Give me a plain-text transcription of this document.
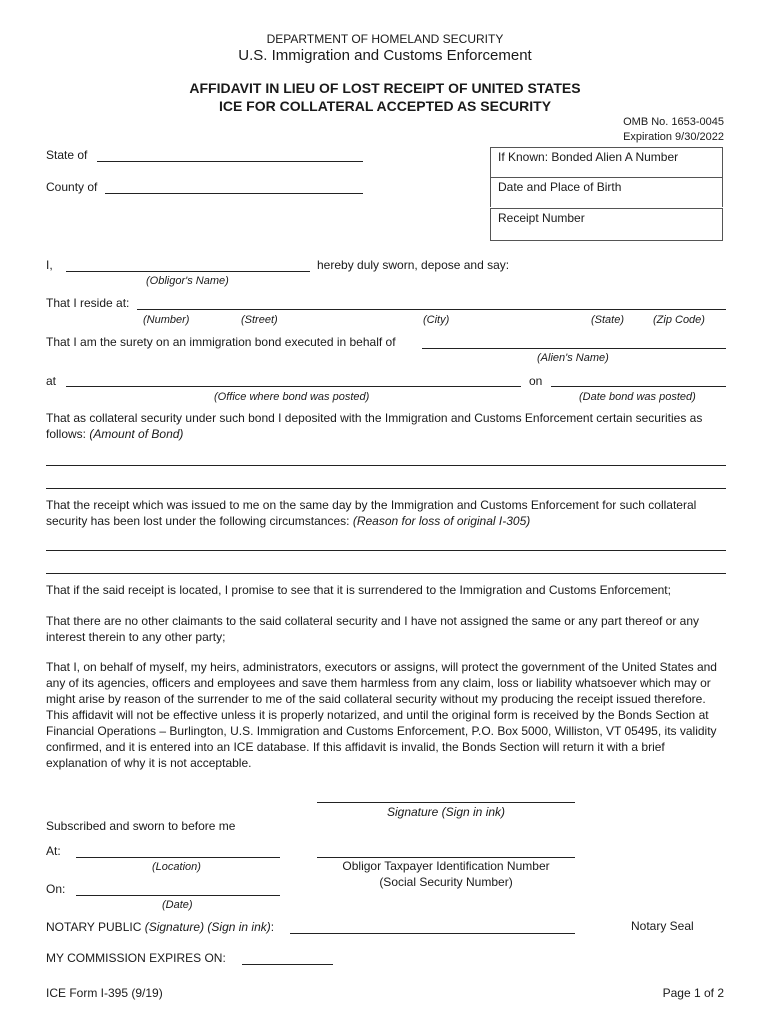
DEPARTMENT OF HOMELAND SECURITY
U.S. Immigration and Customs Enforcement
AFFIDAVIT IN LIEU OF LOST RECEIPT OF UNITED STATES
ICE FOR COLLATERAL ACCEPTED AS SECURITY
OMB No. 1653-0045
Expiration 9/30/2022
State of
County of
If Known: Bonded Alien A Number
Date and Place of Birth
Receipt Number
I,	hereby duly sworn, depose and say:
(Obligor's Name)
That I reside at:
(Number)	(Street)	(City)	(State)	(Zip Code)
That I am the surety on an immigration bond executed in behalf of
(Alien's Name)
at	on
(Office where bond was posted)	(Date bond was posted)
That as collateral security under such bond I deposited with the Immigration and Customs Enforcement certain securities as follows: (Amount of Bond)
That the receipt which was issued to me on the same day by the Immigration and Customs Enforcement for such collateral security has been lost under the following circumstances: (Reason for loss of original I-305)
That if the said receipt is located, I promise to see that it is surrendered to the Immigration and Customs Enforcement;
That there are no other claimants to the said collateral security and I have not assigned the same or any part thereof or any interest therein to any other party;
That I, on behalf of myself, my heirs, administrators, executors or assigns, will protect the government of the United States and any of its agencies, officers and employees and save them harmless from any claim, loss or liability whatsoever which may or might arise by reason of the surrender to me of the said collateral security without my producing the receipt issued therefore. This affidavit will not be effective unless it is properly notarized, and until the original form is received by the Bonds Section at Financial Operations – Burlington, U.S. Immigration and Customs Enforcement, P.O. Box 5000, Williston, VT 05495, its validity confirmed, and it is entered into an ICE database. If this affidavit is invalid, the Bonds Section will return it with a brief explanation of why it is not acceptable.
Signature (Sign in ink)
Subscribed and sworn to before me
At:
(Location)	Obligor Taxpayer Identification Number
(Social Security Number)
On:
(Date)
NOTARY PUBLIC (Signature) (Sign in ink):	Notary Seal
MY COMMISSION EXPIRES ON:
ICE Form I-395 (9/19)	Page 1 of 2
